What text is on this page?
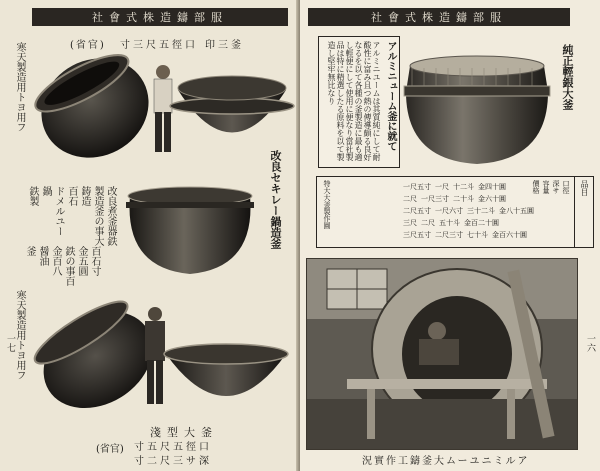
社會式株造鑄部服
(省官) 寸三尺五徑口 印三釜
寒天製造用トヨ用フ
改良セキレー鍋造釜
改良煮釜器鉄
製造釜の事大
鋳造
百石
ドメルユー
鍋
鉄製
百石寸
金五圓
鉄の事百
金百八
醤油
釜
寒天製造用トヨ用フ
淺型大釜
寸五尺五徑口
寸二尺三サ深
(省官)
一七
社會式株造鑄部服
アルミニューム釜に就て
アルミニユームは其質純にして耐酸性に富み且つ熱の傳導頗る良好なるを以て各種の釜製造に最も適し輕便にして使用に便なり當社製品は特に精選したる原料を以て製造し堅牢無比なり	純正輕銀大釜
品目
口徑
深サ
容量
價格
一尺五寸 一尺 十二斗 金四十圓
二尺 一尺三寸 二十斗 金六十圓
二尺五寸 一尺六寸 三十二斗 金八十五圓
三尺 二尺 五十斗 金百二十圓
三尺五寸 二尺三寸 七十斗 金百六十圓
特大大釜製作圓
況實作工鑄釜大ムーユニミルア
一六
